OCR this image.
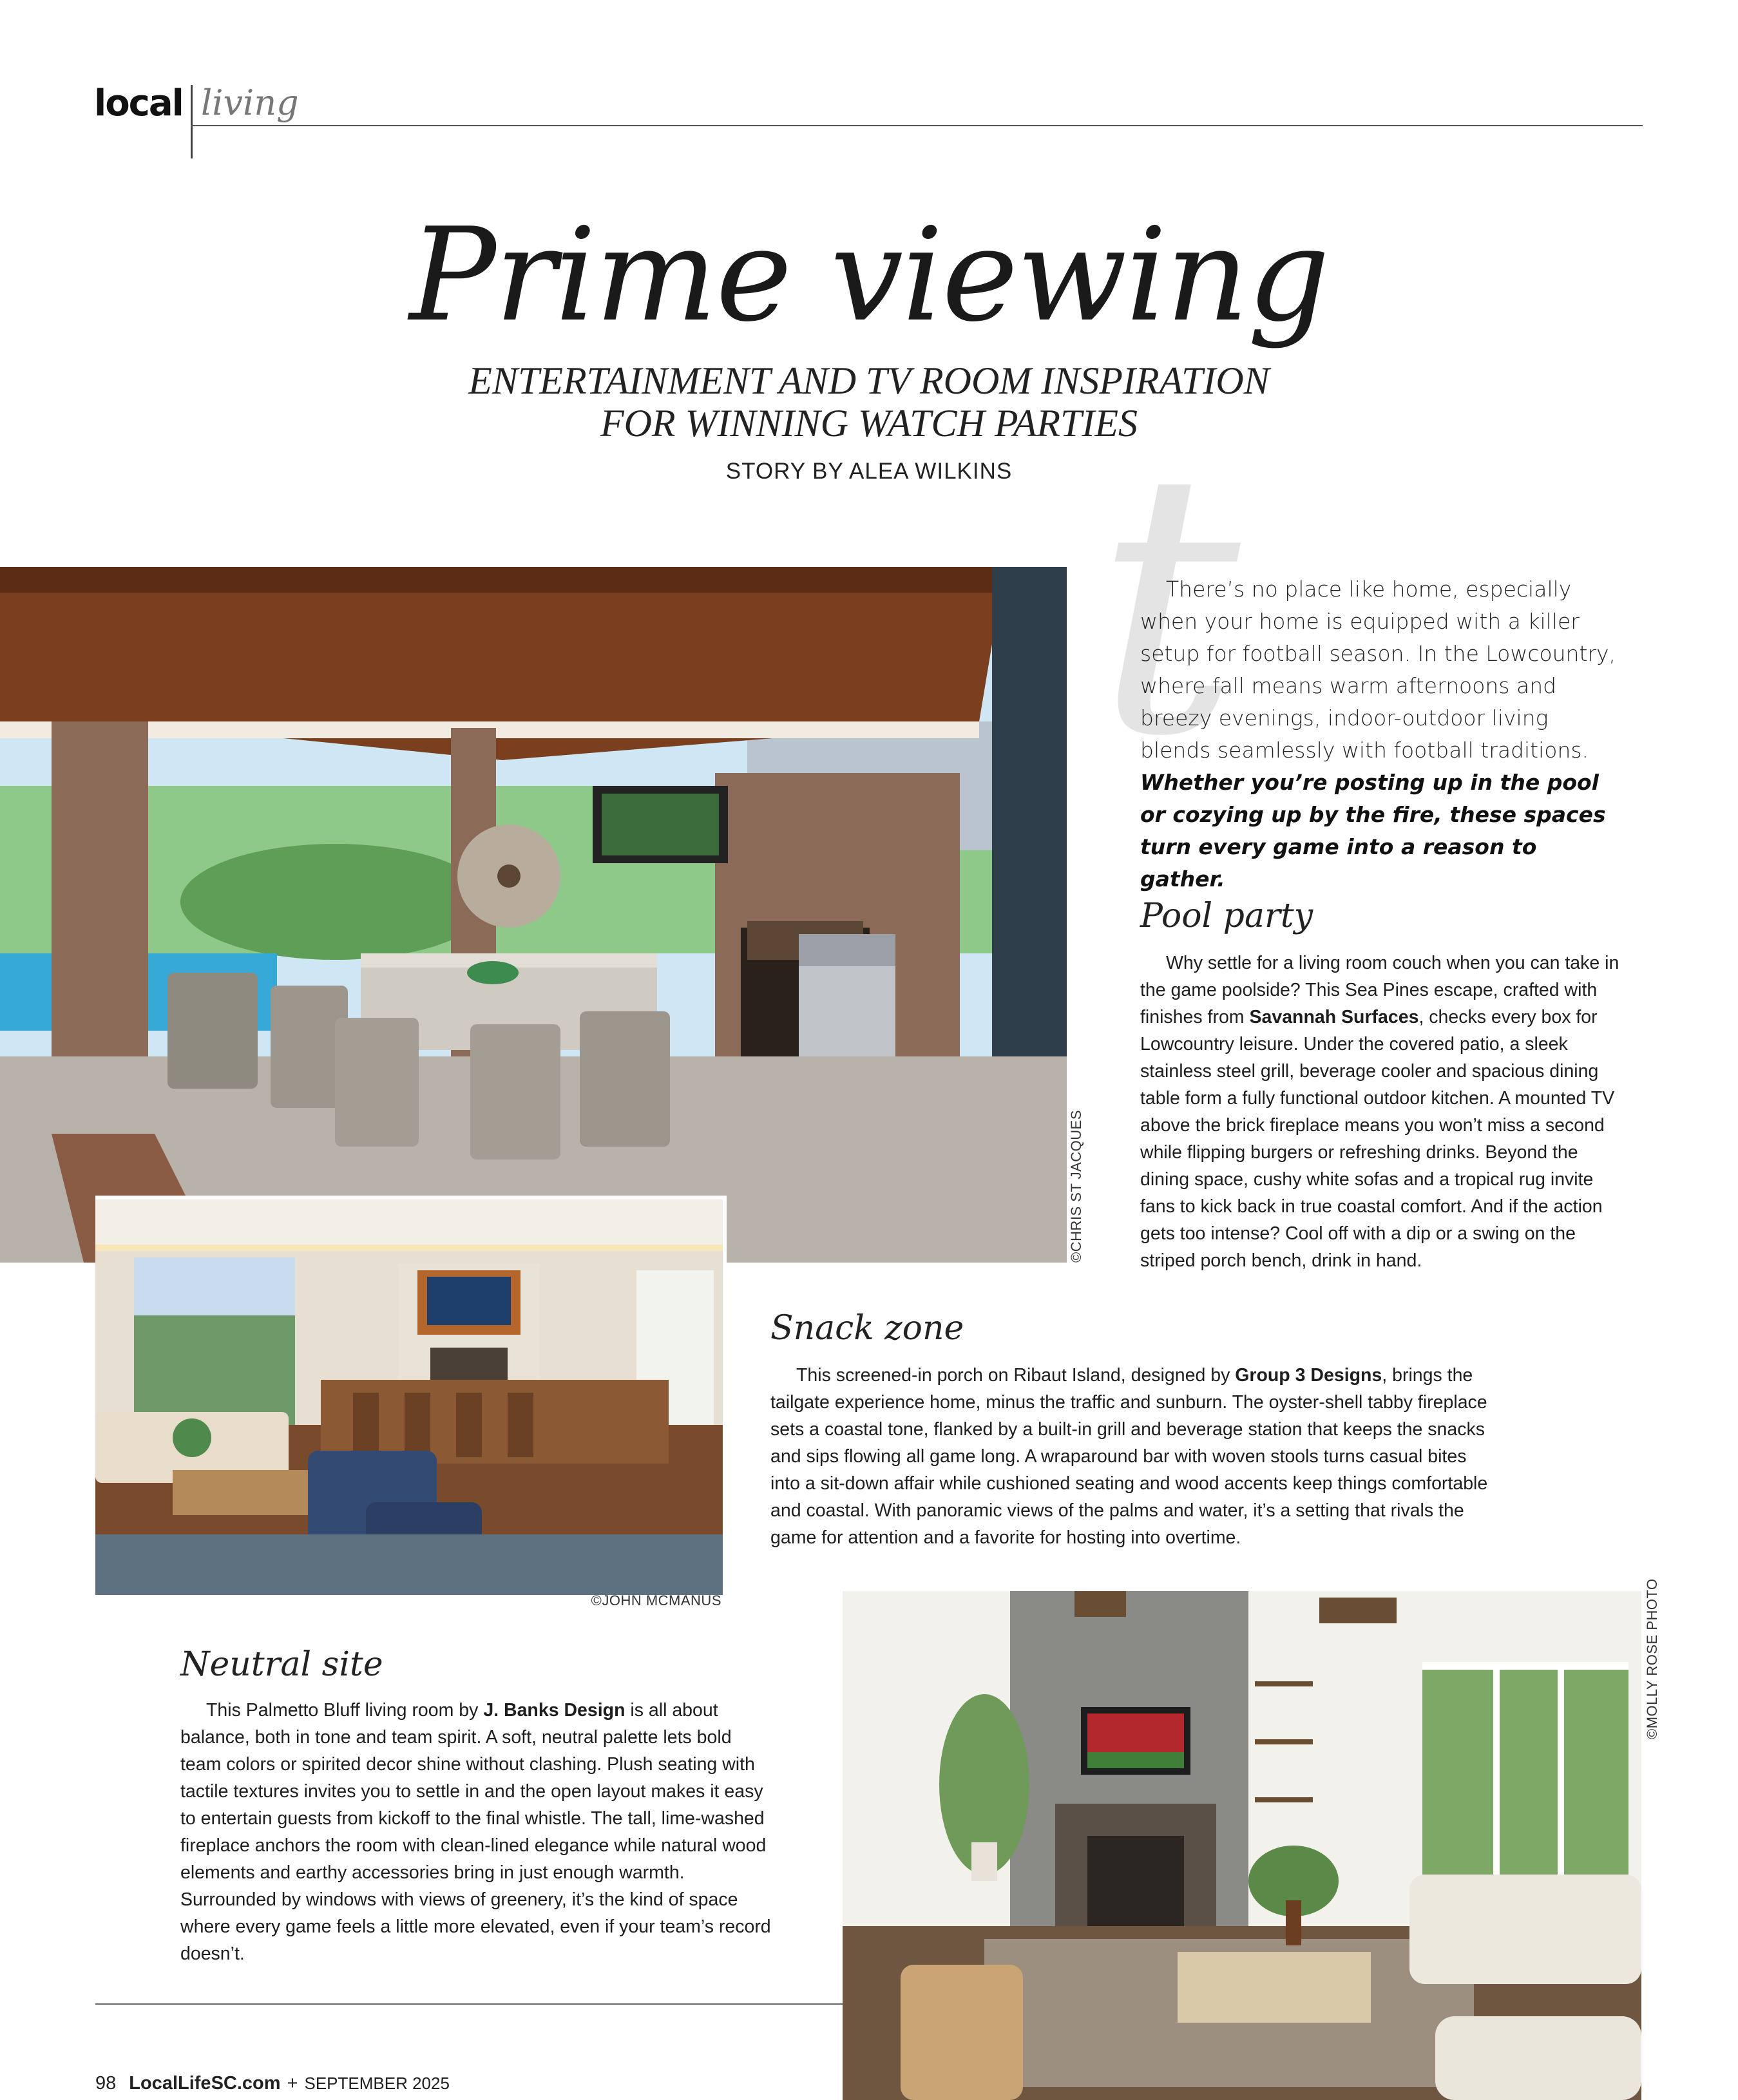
local living
Prime viewing
ENTERTAINMENT AND TV ROOM INSPIRATION
FOR WINNING WATCH PARTIES
STORY BY ALEA WILKINS t
©CHRIS ST JACQUES
©JOHN MCMANUS	©MOLLY ROSE PHOTO
There’s no place like home, especially when your home is equipped with a killer setup for football season. In the Lowcountry, where fall means warm afternoons and breezy evenings, indoor-outdoor living blends seamlessly with football traditions. Whether you’re posting up in the pool or cozying up by the fire, these spaces turn every game into a reason to gather.
Pool party
Why settle for a living room couch when you can take in the game poolside? This Sea Pines escape, crafted with finishes from Savannah Surfaces, checks every box for Lowcountry leisure. Under the covered patio, a sleek stainless steel grill, beverage cooler and spacious dining table form a fully functional outdoor kitchen. A mounted TV above the brick fireplace means you won’t miss a second while flipping burgers or refreshing drinks. Beyond the dining space, cushy white sofas and a tropical rug invite fans to kick back in true coastal comfort. And if the action gets too intense? Cool off with a dip or a swing on the striped porch bench, drink in hand.
Snack zone
This screened-in porch on Ribaut Island, designed by Group 3 Designs, brings the tailgate experience home, minus the traffic and sunburn. The oyster-shell tabby fireplace sets a coastal tone, flanked by a built-in grill and beverage station that keeps the snacks and sips flowing all game long. A wraparound bar with woven stools turns casual bites into a sit-down affair while cushioned seating and wood accents keep things comfortable and coastal. With panoramic views of the palms and water, it’s a setting that rivals the game for attention and a favorite for hosting into overtime.
Neutral site
This Palmetto Bluff living room by J. Banks Design is all about balance, both in tone and team spirit. A soft, neutral palette lets bold team colors or spirited decor shine without clashing. Plush seating with tactile textures invites you to settle in and the open layout makes it easy to entertain guests from kickoff to the final whistle. The tall, lime-washed fireplace anchors the room with clean-lined elegance while natural wood elements and earthy accessories bring in just enough warmth. Surrounded by windows with views of greenery, it’s the kind of space where every game feels a little more elevated, even if your team’s record doesn’t.
98 LocalLifeSC.com + SEPTEMBER 2025
